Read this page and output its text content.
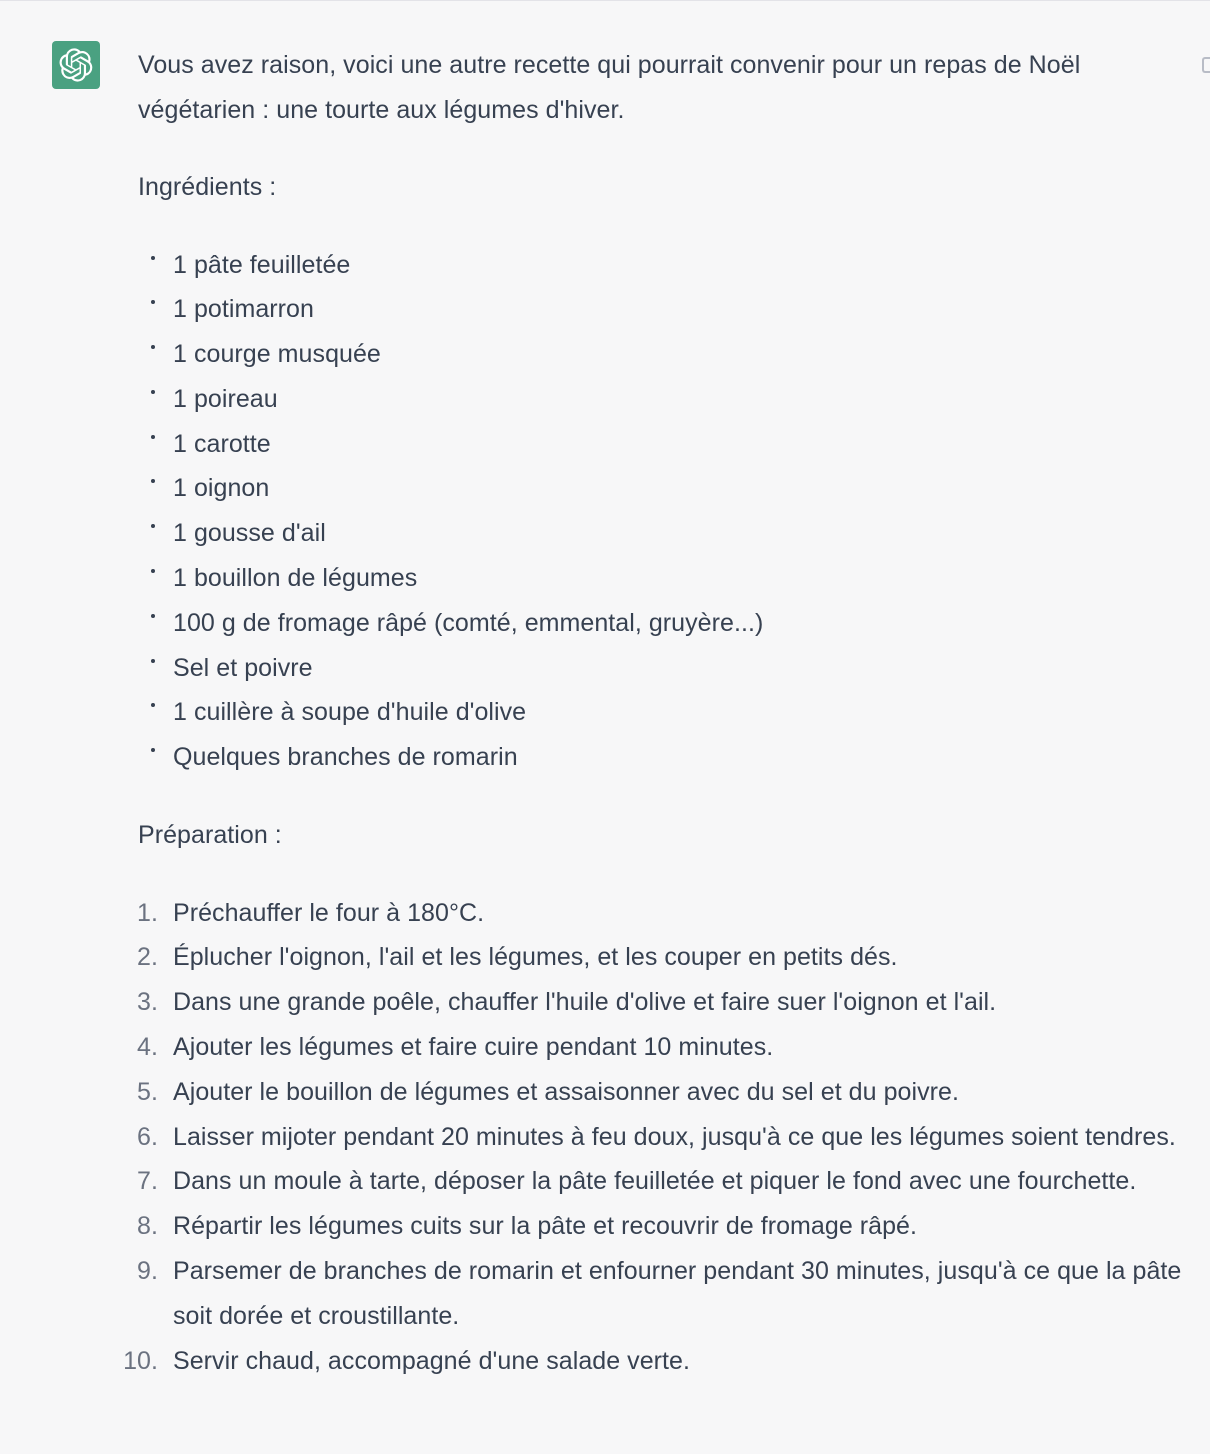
Vous avez raison, voici une autre recette qui pourrait convenir pour un repas de Noël végétarien : une tourte aux légumes d'hiver.

Ingrédients :

1 pâte feuilletée
1 potimarron
1 courge musquée
1 poireau
1 carotte
1 oignon
1 gousse d'ail
1 bouillon de légumes
100 g de fromage râpé (comté, emmental, gruyère...)
Sel et poivre
1 cuillère à soupe d'huile d'olive
Quelques branches de romarin

Préparation :

1. Préchauffer le four à 180°C.
2. Éplucher l'oignon, l'ail et les légumes, et les couper en petits dés.
3. Dans une grande poêle, chauffer l'huile d'olive et faire suer l'oignon et l'ail.
4. Ajouter les légumes et faire cuire pendant 10 minutes.
5. Ajouter le bouillon de légumes et assaisonner avec du sel et du poivre.
6. Laisser mijoter pendant 20 minutes à feu doux, jusqu'à ce que les légumes soient tendres.
7. Dans un moule à tarte, déposer la pâte feuilletée et piquer le fond avec une fourchette.
8. Répartir les légumes cuits sur la pâte et recouvrir de fromage râpé.
9. Parsemer de branches de romarin et enfourner pendant 30 minutes, jusqu'à ce que la pâte soit dorée et croustillante.
10. Servir chaud, accompagné d'une salade verte.
